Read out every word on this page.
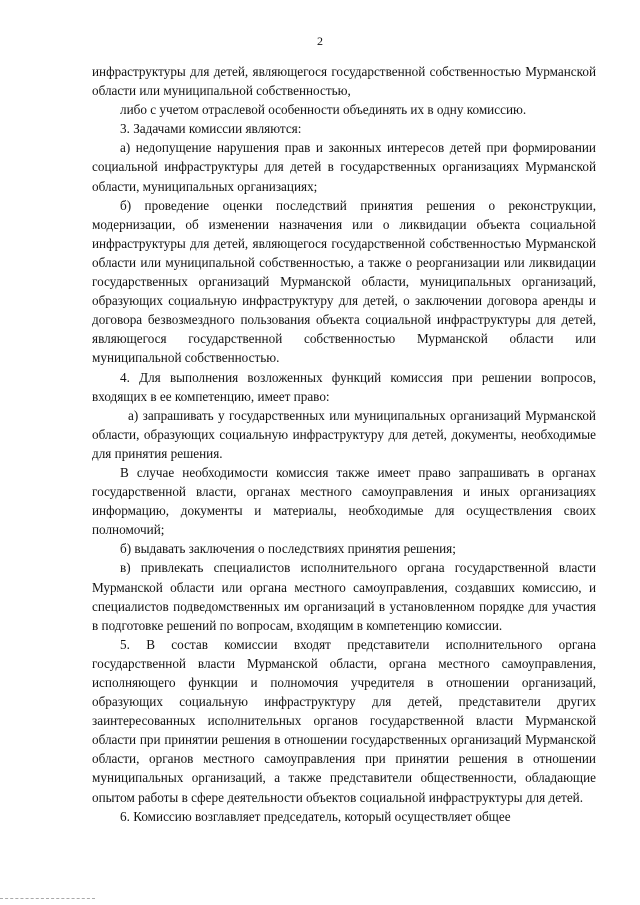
2

инфраструктуры для детей, являющегося государственной собственностью Мурманской области или муниципальной собственностью,

либо с учетом отраслевой особенности объединять их в одну комиссию.

3. Задачами комиссии являются:

а) недопущение нарушения прав и законных интересов детей при формировании социальной инфраструктуры для детей в государственных организациях Мурманской области, муниципальных организациях;

б) проведение оценки последствий принятия решения о реконструкции, модернизации, об изменении назначения или о ликвидации объекта социальной инфраструктуры для детей, являющегося государственной собственностью Мурманской области или муниципальной собственностью, а также о реорганизации или ликвидации государственных организаций Мурманской области, муниципальных организаций, образующих социальную инфраструктуру для детей, о заключении договора аренды и договора безвозмездного пользования объекта социальной инфраструктуры для детей, являющегося государственной собственностью Мурманской области или муниципальной собственностью.

4. Для выполнения возложенных функций комиссия при решении вопросов, входящих в ее компетенцию, имеет право:

а) запрашивать у государственных или муниципальных организаций Мурманской области, образующих социальную инфраструктуру для детей, документы, необходимые для принятия решения.

В случае необходимости комиссия также имеет право запрашивать в органах государственной власти, органах местного самоуправления и иных организациях информацию, документы и материалы, необходимые для осуществления своих полномочий;

б) выдавать заключения о последствиях принятия решения;

в) привлекать специалистов исполнительного органа государственной власти Мурманской области или органа местного самоуправления, создавших комиссию, и специалистов подведомственных им организаций в установленном порядке для участия в подготовке решений по вопросам, входящим в компетенцию комиссии.

5. В состав комиссии входят представители исполнительного органа государственной власти Мурманской области, органа местного самоуправления, исполняющего функции и полномочия учредителя в отношении организаций, образующих социальную инфраструктуру для детей, представители других заинтересованных исполнительных органов государственной власти Мурманской области при принятии решения в отношении государственных организаций Мурманской области, органов местного самоуправления при принятии решения в отношении муниципальных организаций, а также представители общественности, обладающие опытом работы в сфере деятельности объектов социальной инфраструктуры для детей.

6. Комиссию возглавляет председатель, который осуществляет общее
